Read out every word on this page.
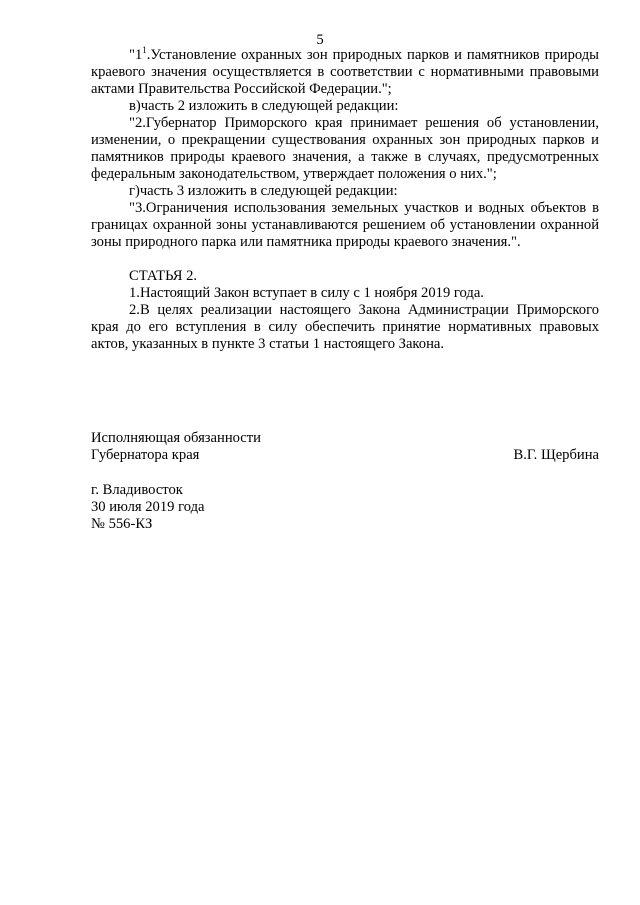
5

"$1^1.Установление$ охранных зон природных парков и памятников природы краевого значения осуществляется в соответствии с нормативными правовыми актами Правительства Российской Федерации.";

в)часть 2 изложить в следующей редакции:

"2.Губернатор Приморского края принимает решения об установлении, изменении, о прекращении существования охранных зон природных парков и памятников природы краевого значения, а также в случаях, предусмотренных федеральным законодательством, утверждает положения о них.";

г)часть 3 изложить в следующей редакции:

"3.Ограничения использования земельных участков и водных объектов в границах охранной зоны устанавливаются решением об установлении охранной зоны природного парка или памятника природы краевого значения.".

СТАТЬЯ 2.

1.Настоящий Закон вступает в силу с 1 ноября 2019 года.

2.В целях реализации настоящего Закона Администрации Приморского края до его вступления в силу обеспечить принятие нормативных правовых актов, указанных в пункте 3 статьи 1 настоящего Закона.

Исполняющая обязанности
Губернатора края	В.Г. Щербина
г. Владивосток
30 июля 2019 года
№ 556-КЗ
